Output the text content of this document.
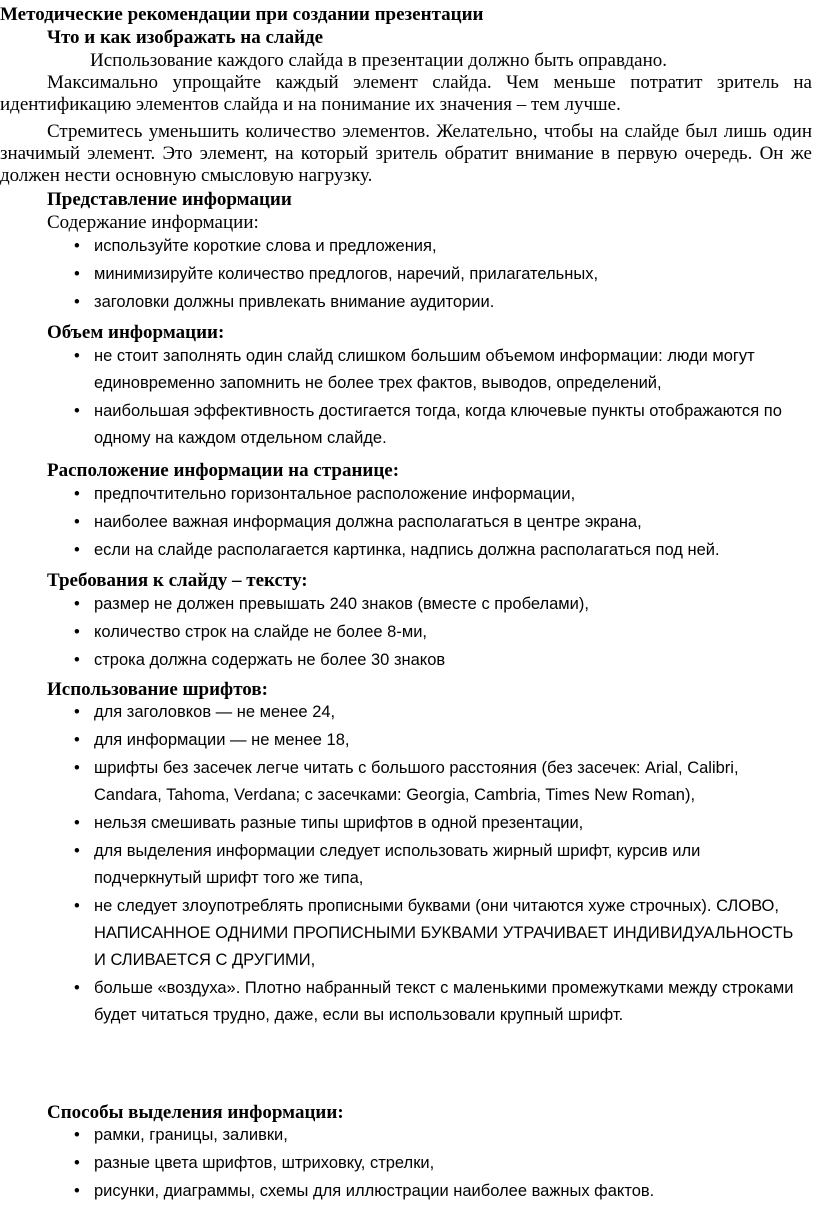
Методические рекомендации при создании презентации
Что и как изображать на слайде
Использование каждого слайда в презентации должно быть оправдано.
Максимально упрощайте каждый элемент слайда. Чем меньше потратит зритель на идентификацию элементов слайда и на понимание их значения – тем лучше.
Стремитесь уменьшить количество элементов. Желательно, чтобы на слайде был лишь один значимый элемент. Это элемент, на который зритель обратит внимание в первую очередь. Он же должен нести основную смысловую нагрузку.
Представление информации
Содержание информации:
• используйте короткие слова и предложения,
• минимизируйте количество предлогов, наречий, прилагательных,
• заголовки должны привлекать внимание аудитории.
Объем информации:
• не стоит заполнять один слайд слишком большим объемом информации: люди могут единовременно запомнить не более трех фактов, выводов, определений,
• наибольшая эффективность достигается тогда, когда ключевые пункты отображаются по одному на каждом отдельном слайде.
Расположение информации на странице:
• предпочтительно горизонтальное расположение информации,
• наиболее важная информация должна располагаться в центре экрана,
• если на слайде располагается картинка, надпись должна располагаться под ней.
Требования к слайду – тексту:
• размер не должен превышать 240 знаков (вместе с пробелами),
• количество строк на слайде не более 8-ми,
• строка должна содержать не более 30 знаков
Использование шрифтов:
• для заголовков — не менее 24,
• для информации — не менее 18,
• шрифты без засечек легче читать с большого расстояния (без засечек: Arial, Calibri, Candara, Tahoma, Verdana; с засечками: Georgia, Cambria, Times New Roman),
• нельзя смешивать разные типы шрифтов в одной презентации,
• для выделения информации следует использовать жирный шрифт, курсив или подчеркнутый шрифт того же типа,
• не следует злоупотреблять прописными буквами (они читаются хуже строчных). СЛОВО, НАПИСАННОЕ ОДНИМИ ПРОПИСНЫМИ БУКВАМИ УТРАЧИВАЕТ ИНДИВИДУАЛЬНОСТЬ И СЛИВАЕТСЯ С ДРУГИМИ,
• больше «воздуха». Плотно набранный текст с маленькими промежутками между строками будет читаться трудно, даже, если вы использовали крупный шрифт.
Способы выделения информации:
• рамки, границы, заливки,
• разные цвета шрифтов, штриховку, стрелки,
• рисунки, диаграммы, схемы для иллюстрации наиболее важных фактов.
